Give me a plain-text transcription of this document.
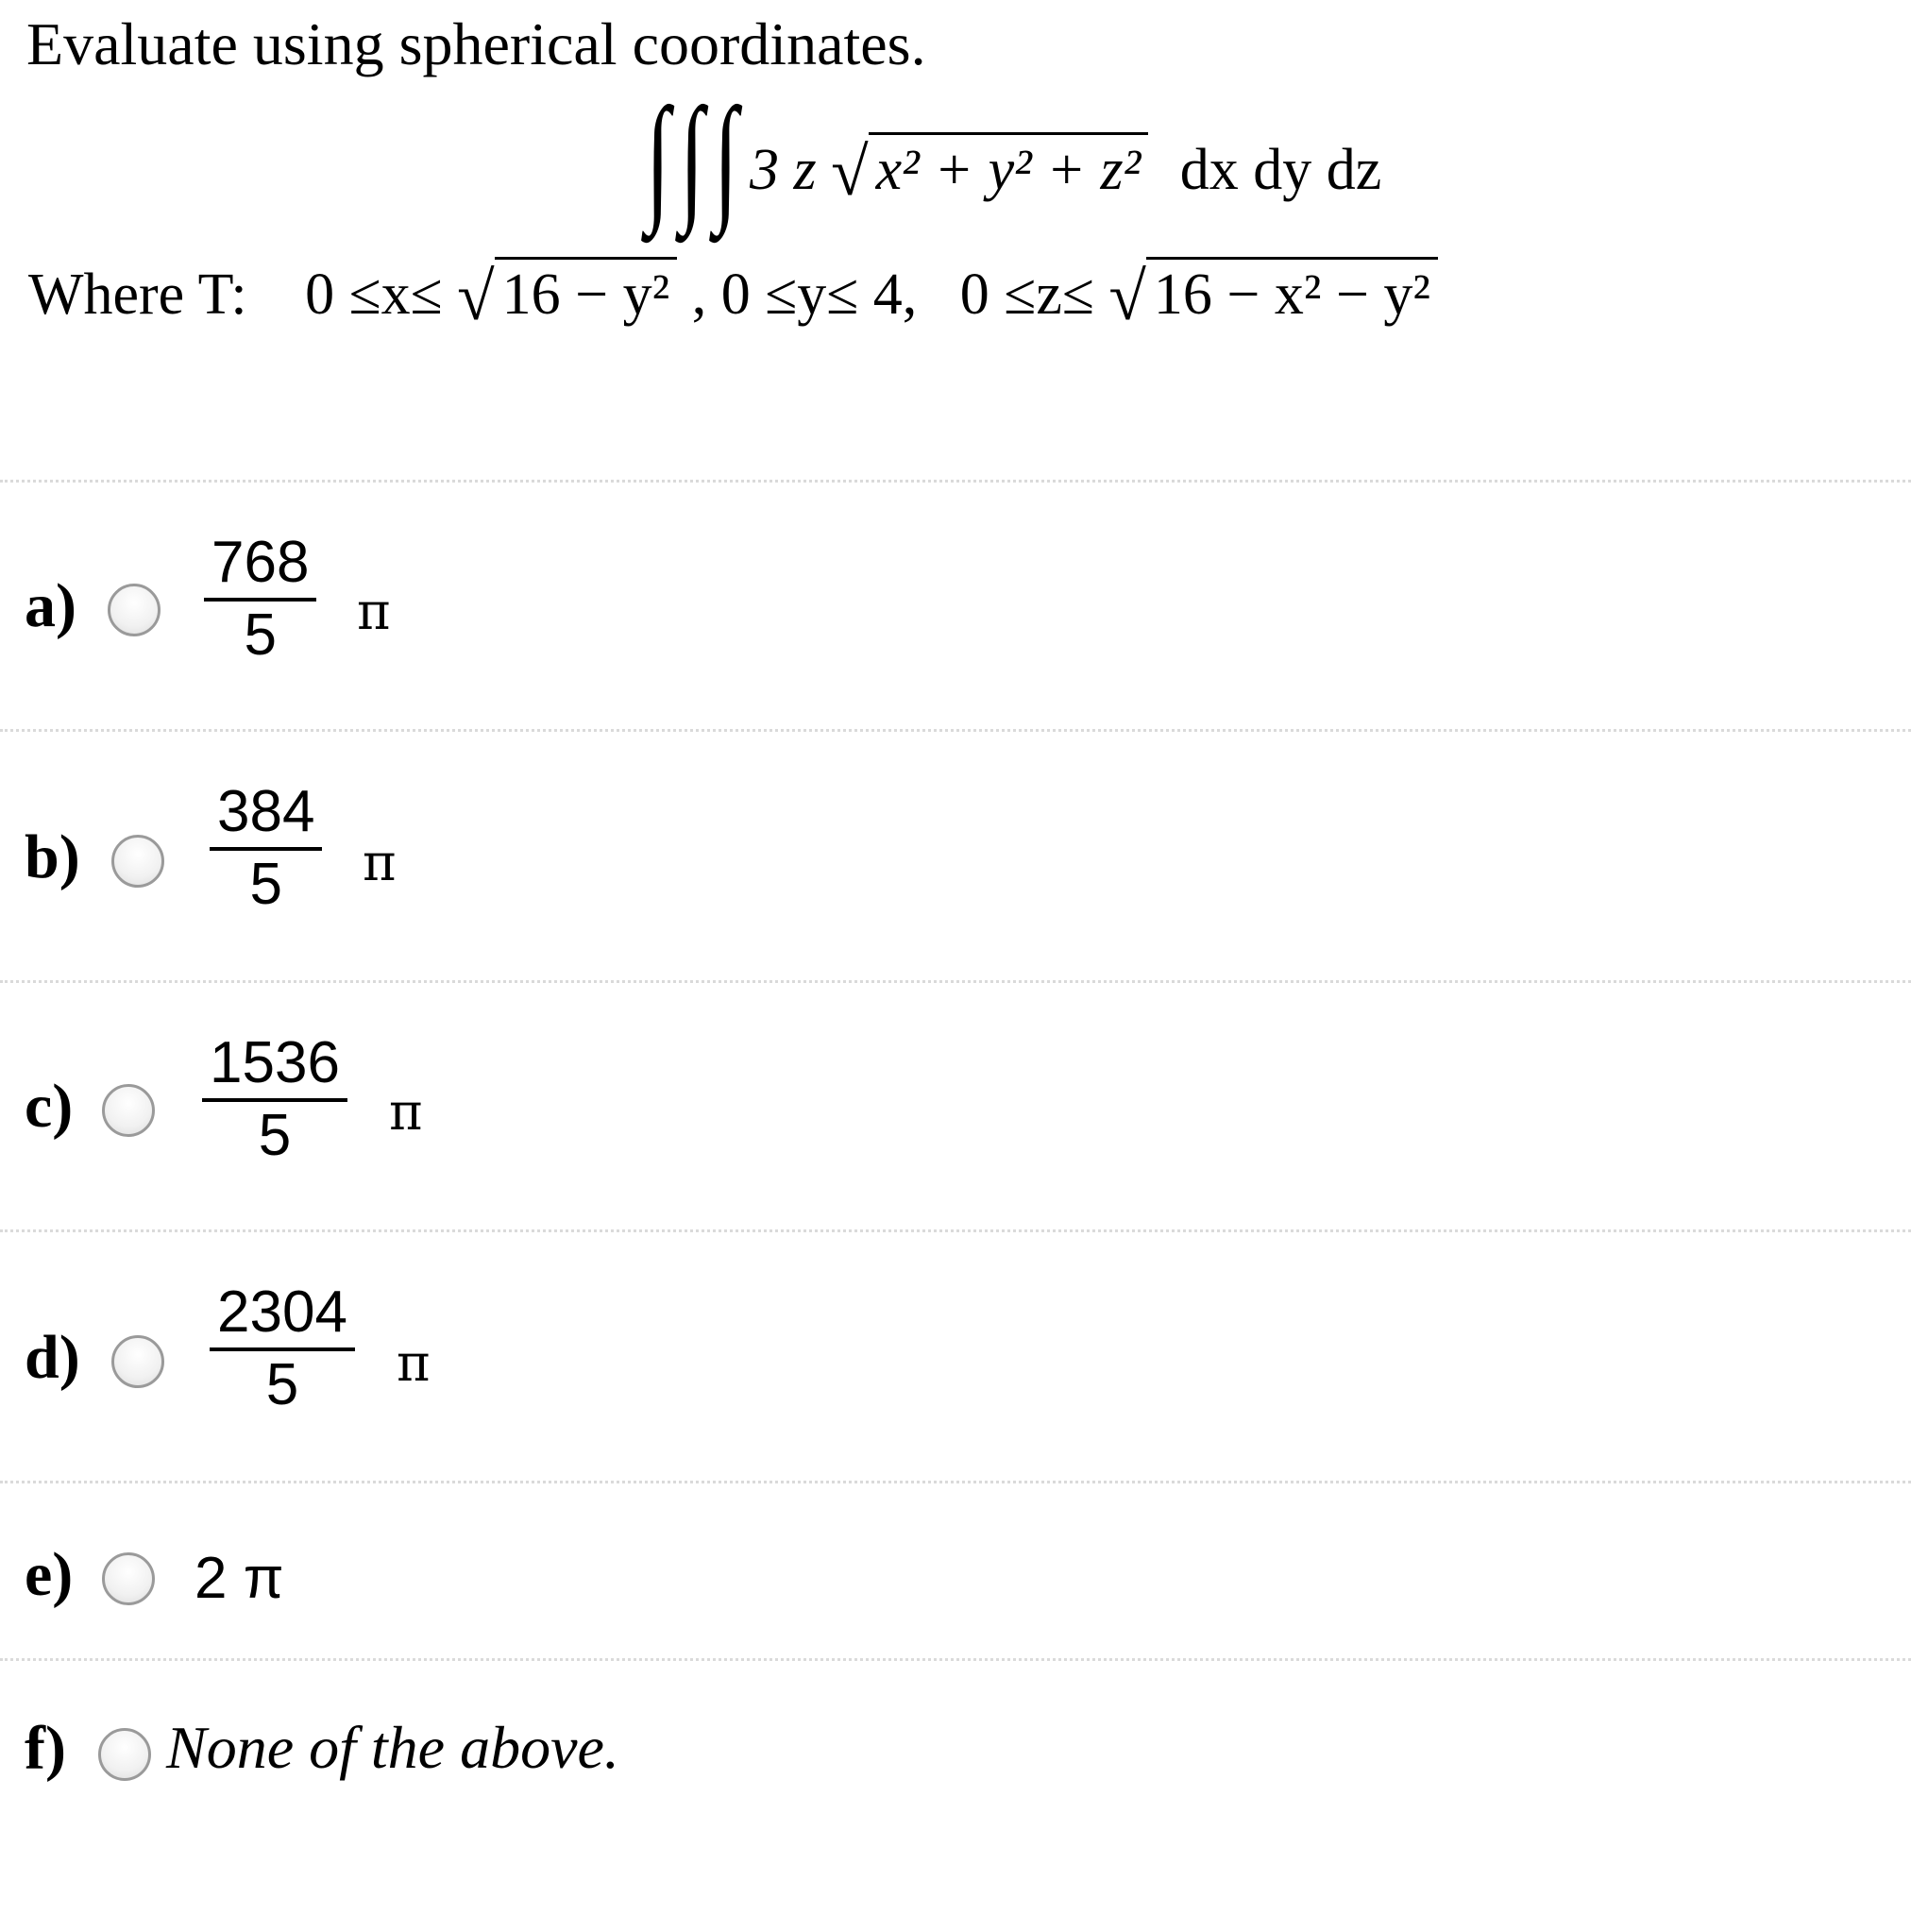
Evaluate using spherical coordinates.
∫ ∫ ∫ 3 z √ x² + y² + z² dx dy dz
Where T: 0 ≤x≤ √ 16 − y² , 0 ≤y≤ 4, 0 ≤z≤ √ 16 − x² − y²
a)
768
5	π
b)
384
5	π
c)
1536
5	π
d)
2304
5	π
e) 2 π
f) None of the above.
